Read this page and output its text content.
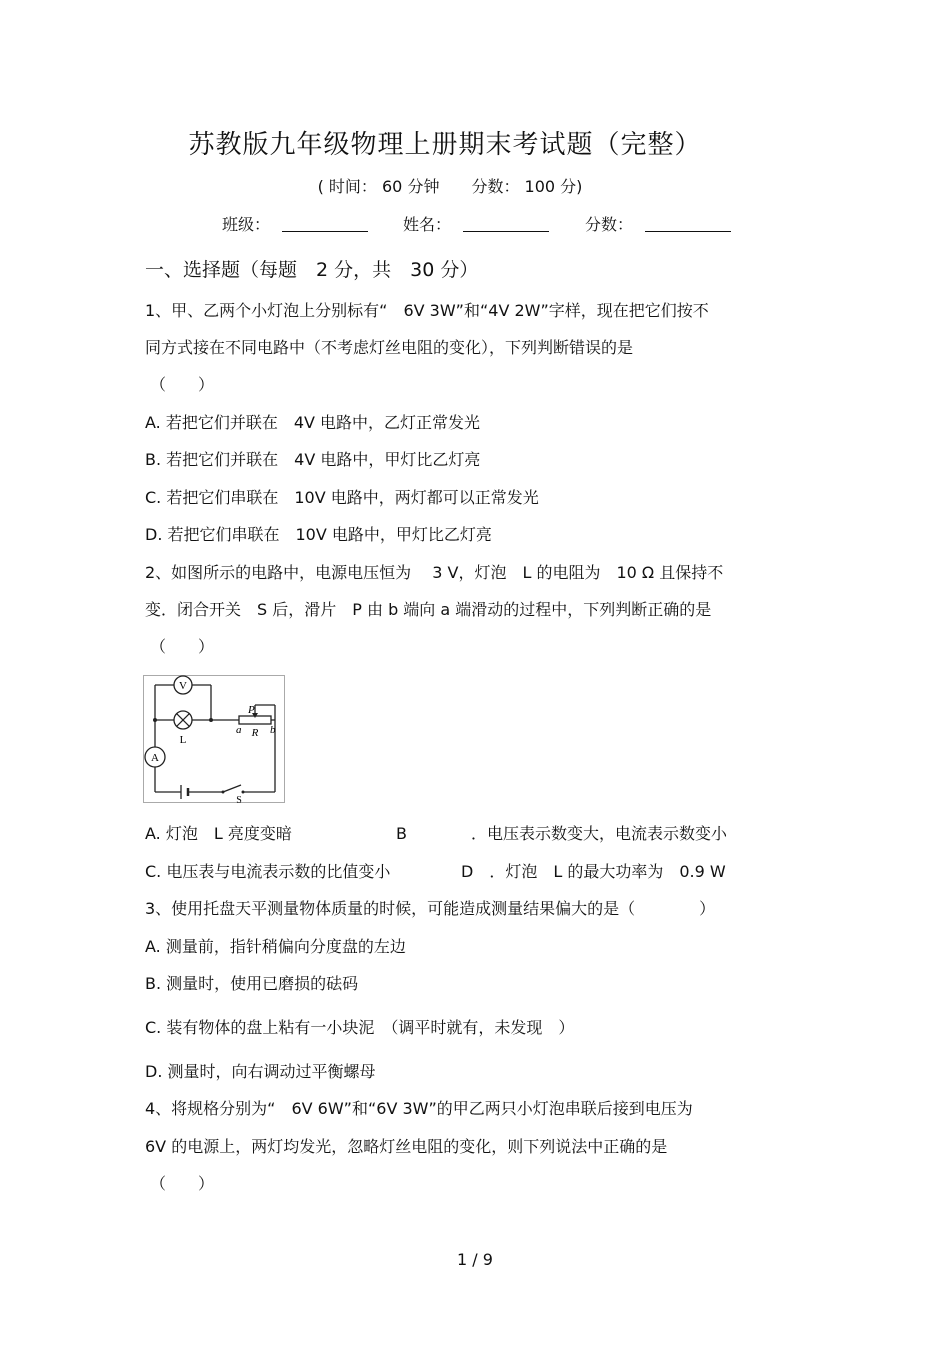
苏教版九年级物理上册期末考试题（完整）
( 时间： 60 分钟　　分数： 100 分)
班级：	姓名：	分数：
一、选择题（每题　2 分，共　30 分）
1、甲、乙两个小灯泡上分别标有“　6V 3W”和“4V 2W”字样，现在把它们按不
同方式接在不同电路中（不考虑灯丝电阻的变化），下列判断错误的是
（　　）
A. 若把它们并联在　4V 电路中，乙灯正常发光
B. 若把它们并联在　4V 电路中，甲灯比乙灯亮
C. 若把它们串联在　10V 电路中，两灯都可以正常发光
D. 若把它们串联在　10V 电路中，甲灯比乙灯亮
2、如图所示的电路中，电源电压恒为　 3 V，灯泡　L 的电阻为　10 Ω 且保持不
变．闭合开关　S 后，滑片　P 由 b 端向 a 端滑动的过程中，下列判断正确的是
（　　）
V
A
L
P
R
a	b
S
A. 灯泡　L 亮度变暗	B　　　　．电压表示数变大，电流表示数变小
C. 电压表与电流表示数的比值变小	D　．灯泡　L 的最大功率为　0.9 W
3、使用托盘天平测量物体质量的时候，可能造成测量结果偏大的是（　　　　）
A. 测量前，指针稍偏向分度盘的左边
B. 测量时，使用已磨损的砝码
C. 装有物体的盘上粘有一小块泥　（调平时就有，未发现　）
D. 测量时，向右调动过平衡螺母
4、将规格分别为“　6V 6W”和“6V 3W”的甲乙两只小灯泡串联后接到电压为
6V 的电源上，两灯均发光，忽略灯丝电阻的变化，则下列说法中正确的是
（　　）
1 / 9
